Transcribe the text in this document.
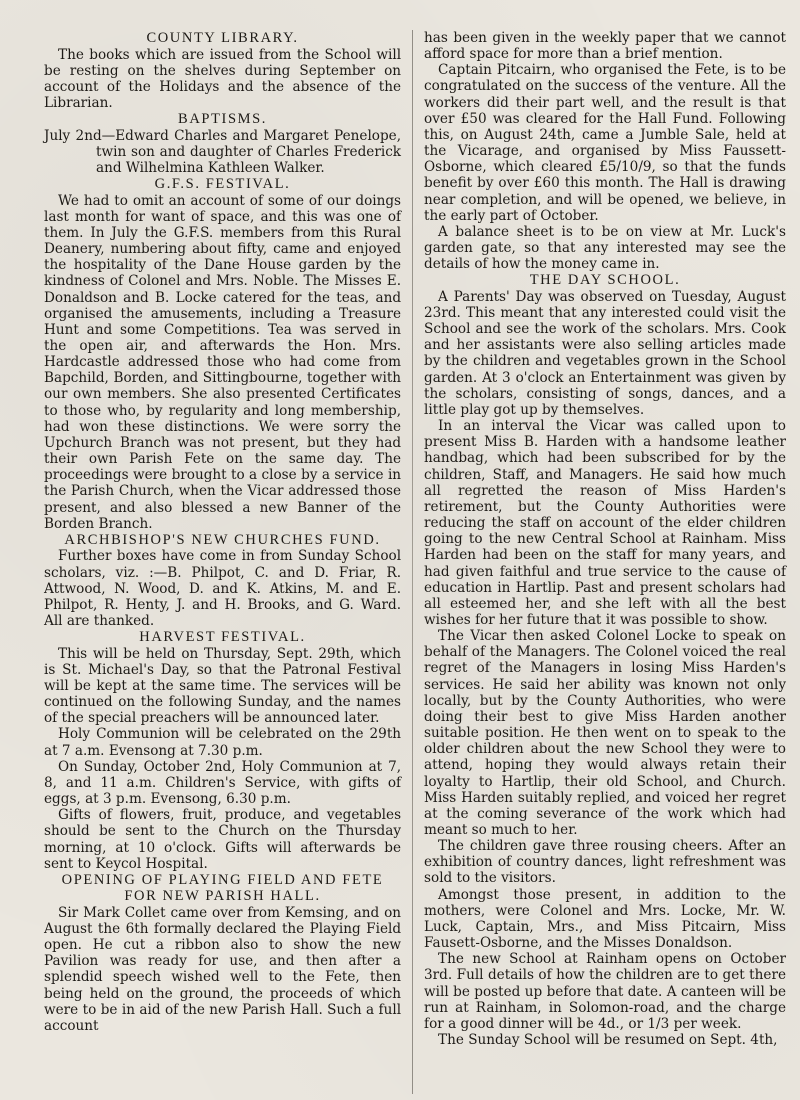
COUNTY LIBRARY.

The books which are issued from the School will be resting on the shelves during September on account of the Holidays and the absence of the Librarian.

BAPTISMS.

July 2nd—Edward Charles and Margaret Penelope, twin son and daughter of Charles Frederick and Wilhelmina Kathleen Walker.

G.F.S. FESTIVAL.

We had to omit an account of some of our doings last month for want of space, and this was one of them. In July the G.F.S. members from this Rural Deanery, numbering about fifty, came and enjoyed the hospitality of the Dane House garden by the kindness of Colonel and Mrs. Noble. The Misses E. Donaldson and B. Locke catered for the teas, and organised the amusements, including a Treasure Hunt and some Competitions. Tea was served in the open air, and afterwards the Hon. Mrs. Hardcastle addressed those who had come from Bapchild, Borden, and Sittingbourne, together with our own members. She also presented Certificates to those who, by regularity and long membership, had won these distinctions. We were sorry the Upchurch Branch was not present, but they had their own Parish Fete on the same day. The proceedings were brought to a close by a service in the Parish Church, when the Vicar addressed those present, and also blessed a new Banner of the Borden Branch.

ARCHBISHOP'S NEW CHURCHES FUND.

Further boxes have come in from Sunday School scholars, viz. :—B. Philpot, C. and D. Friar, R. Attwood, N. Wood, D. and K. Atkins, M. and E. Philpot, R. Henty, J. and H. Brooks, and G. Ward. All are thanked.

HARVEST FESTIVAL.

This will be held on Thursday, Sept. 29th, which is St. Michael's Day, so that the Patronal Festival will be kept at the same time. The services will be continued on the following Sunday, and the names of the special preachers will be announced later.

Holy Communion will be celebrated on the 29th at 7 a.m. Evensong at 7.30 p.m.

On Sunday, October 2nd, Holy Communion at 7, 8, and 11 a.m. Children's Service, with gifts of eggs, at 3 p.m. Evensong, 6.30 p.m.

Gifts of flowers, fruit, produce, and vegetables should be sent to the Church on the Thursday morning, at 10 o'clock. Gifts will afterwards be sent to Keycol Hospital.

OPENING OF PLAYING FIELD AND FETE
FOR NEW PARISH HALL.

Sir Mark Collet came over from Kemsing, and on August the 6th formally declared the Playing Field open. He cut a ribbon also to show the new Pavilion was ready for use, and then after a splendid speech wished well to the Fete, then being held on the ground, the proceeds of which were to be in aid of the new Parish Hall. Such a full account

has been given in the weekly paper that we cannot afford space for more than a brief mention.

Captain Pitcairn, who organised the Fete, is to be congratulated on the success of the venture. All the workers did their part well, and the result is that over £50 was cleared for the Hall Fund. Following this, on August 24th, came a Jumble Sale, held at the Vicarage, and organised by Miss Faussett-Osborne, which cleared £5/10/9, so that the funds benefit by over £60 this month. The Hall is drawing near completion, and will be opened, we believe, in the early part of October.

A balance sheet is to be on view at Mr. Luck's garden gate, so that any interested may see the details of how the money came in.

THE DAY SCHOOL.

A Parents' Day was observed on Tuesday, August 23rd. This meant that any interested could visit the School and see the work of the scholars. Mrs. Cook and her assistants were also selling articles made by the children and vegetables grown in the School garden. At 3 o'clock an Entertainment was given by the scholars, consisting of songs, dances, and a little play got up by themselves.

In an interval the Vicar was called upon to present Miss B. Harden with a handsome leather handbag, which had been subscribed for by the children, Staff, and Managers. He said how much all regretted the reason of Miss Harden's retirement, but the County Authorities were reducing the staff on account of the elder children going to the new Central School at Rainham. Miss Harden had been on the staff for many years, and had given faithful and true service to the cause of education in Hartlip. Past and present scholars had all esteemed her, and she left with all the best wishes for her future that it was possible to show.

The Vicar then asked Colonel Locke to speak on behalf of the Managers. The Colonel voiced the real regret of the Managers in losing Miss Harden's services. He said her ability was known not only locally, but by the County Authorities, who were doing their best to give Miss Harden another suitable position. He then went on to speak to the older children about the new School they were to attend, hoping they would always retain their loyalty to Hartlip, their old School, and Church. Miss Harden suitably replied, and voiced her regret at the coming severance of the work which had meant so much to her.

The children gave three rousing cheers. After an exhibition of country dances, light refreshment was sold to the visitors.

Amongst those present, in addition to the mothers, were Colonel and Mrs. Locke, Mr. W. Luck, Captain, Mrs., and Miss Pitcairn, Miss Fausett-Osborne, and the Misses Donaldson.

The new School at Rainham opens on October 3rd. Full details of how the children are to get there will be posted up before that date. A canteen will be run at Rainham, in Solomon-road, and the charge for a good dinner will be 4d., or 1/3 per week.

The Sunday School will be resumed on Sept. 4th,
